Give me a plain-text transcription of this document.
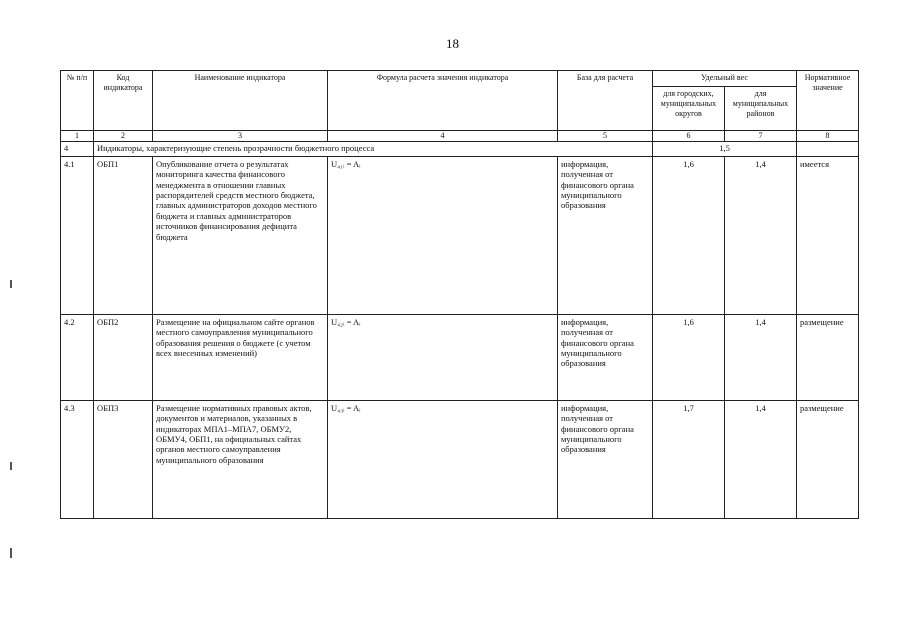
18
№ п/п	Код индикатора	Наименование индикатора	Формула расчета значения индикатора	База для расчета	Удельный вес		Нормативное значение
					для городских, муниципальных округов	для муниципальных районов	
1	2	3	4	5	6	7	8
4	Индикаторы, характеризующие степень прозрачности бюджетного процесса				1,5		
4.1	ОБП1	Опубликование отчета о результатах мониторинга качества финансового менеджмента в отношении главных распорядителей средств местного бюджета, главных администраторов доходов местного бюджета и главных администраторов источников финансирования дефицита бюджета	U₄₁ᵢ = Aᵢ	информация, полученная от финансового органа муниципального образования	1,6	1,4	имеется
4.2	ОБП2	Размещение на официальном сайте органов местного самоуправления муниципального образования решения о бюджете (с учетом всех внесенных изменений)	U₄₂ᵢ = Aᵢ	информация, полученная от финансового органа муниципального образования	1,6	1,4	размещение
4.3	ОБП3	Размещение нормативных правовых актов, документов и материалов, указанных в индикаторах МПА1–МПА7, ОБМУ2, ОБМУ4, ОБП1, на официальных сайтах органов местного самоуправления муниципального образования	U₄₃ᵢ = Aᵢ	информация, полученная от финансового органа муниципального образования	1,7	1,4	размещение
